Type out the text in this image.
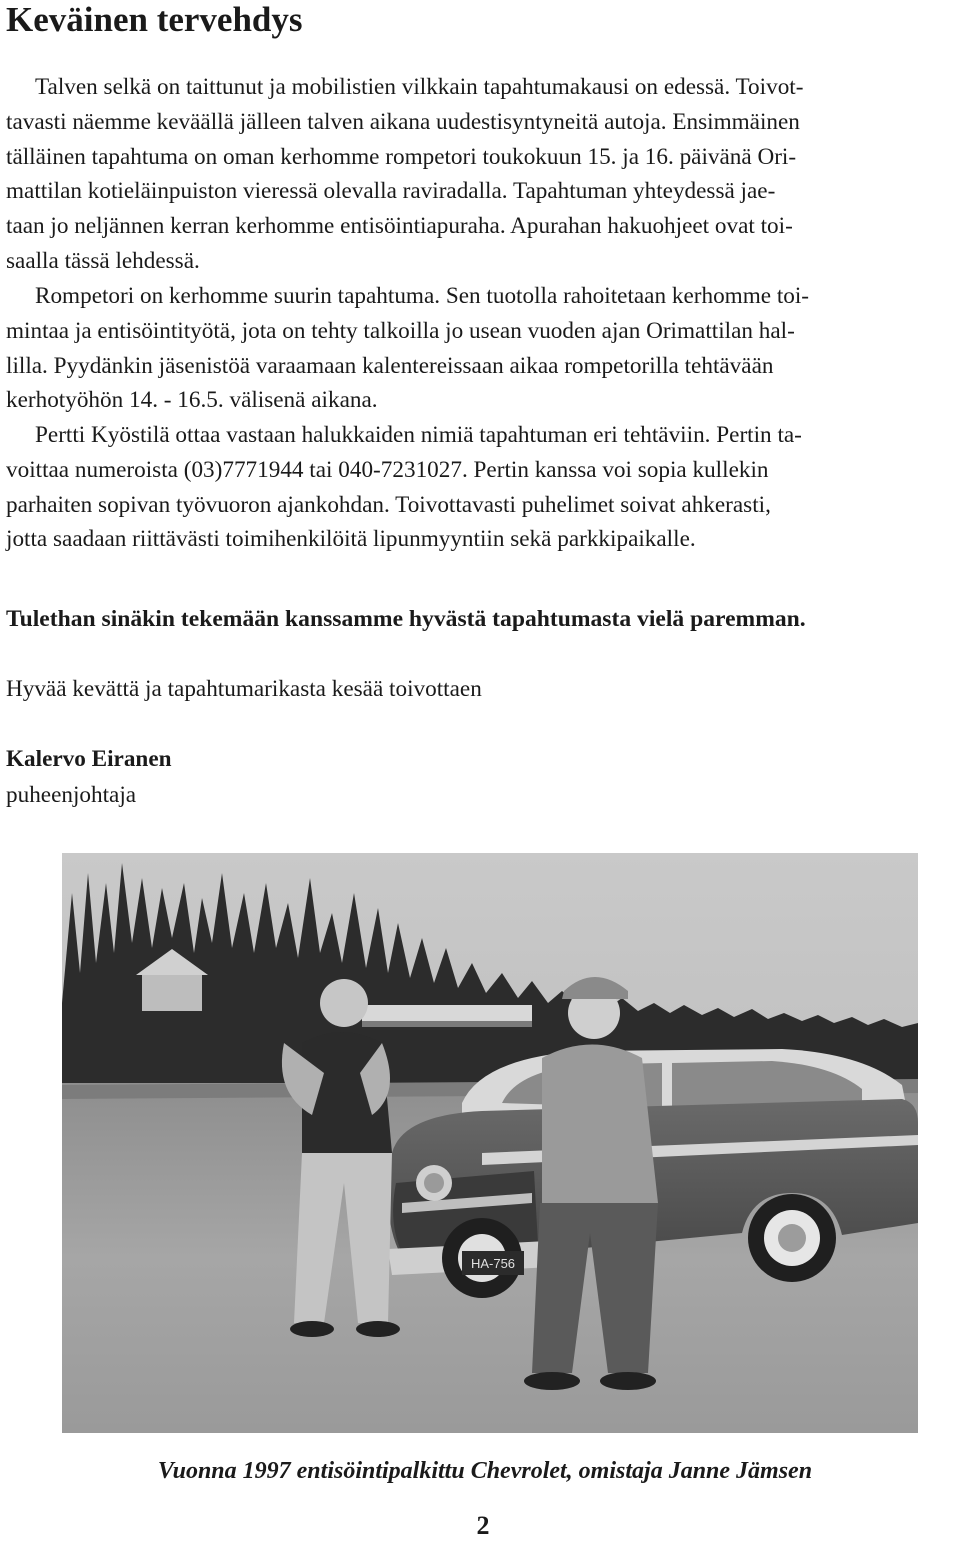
Keväinen tervehdys
Talven selkä on taittunut ja mobilistien vilkkain tapahtumakausi on edessä. Toivot-
tavasti näemme keväällä jälleen talven aikana uudestisyntyneitä autoja. Ensimmäinen
tälläinen tapahtuma on oman kerhomme rompetori toukokuun 15. ja 16. päivänä Ori-
mattilan kotieläinpuiston vieressä olevalla raviradalla. Tapahtuman yhteydessä jae-
taan jo neljännen kerran kerhomme entisöintiapuraha. Apurahan hakuohjeet ovat toi-
saalla tässä lehdessä.
Rompetori on kerhomme suurin tapahtuma. Sen tuotolla rahoitetaan kerhomme toi-
mintaa ja entisöintityötä, jota on tehty talkoilla jo usean vuoden ajan Orimattilan hal-
lilla. Pyydänkin jäsenistöä varaamaan kalentereissaan aikaa rompetorilla tehtävään
kerhotyöhön 14. - 16.5. välisenä aikana.
Pertti Kyöstilä ottaa vastaan halukkaiden nimiä tapahtuman eri tehtäviin. Pertin ta-
voittaa numeroista (03)7771944 tai 040-7231027. Pertin kanssa voi sopia kullekin
parhaiten sopivan työvuoron ajankohdan. Toivottavasti puhelimet soivat ahkerasti,
jotta saadaan riittävästi toimihenkilöitä lipunmyyntiin sekä parkkipaikalle.

Tulethan sinäkin tekemään kanssamme hyvästä tapahtumasta vielä paremman.

Hyvää kevättä ja tapahtumarikasta kesää toivottaen

Kalervo Eiranen

puheenjohtaja

HA-756

Vuonna 1997 entisöintipalkittu Chevrolet, omistaja Janne Jämsen

2
